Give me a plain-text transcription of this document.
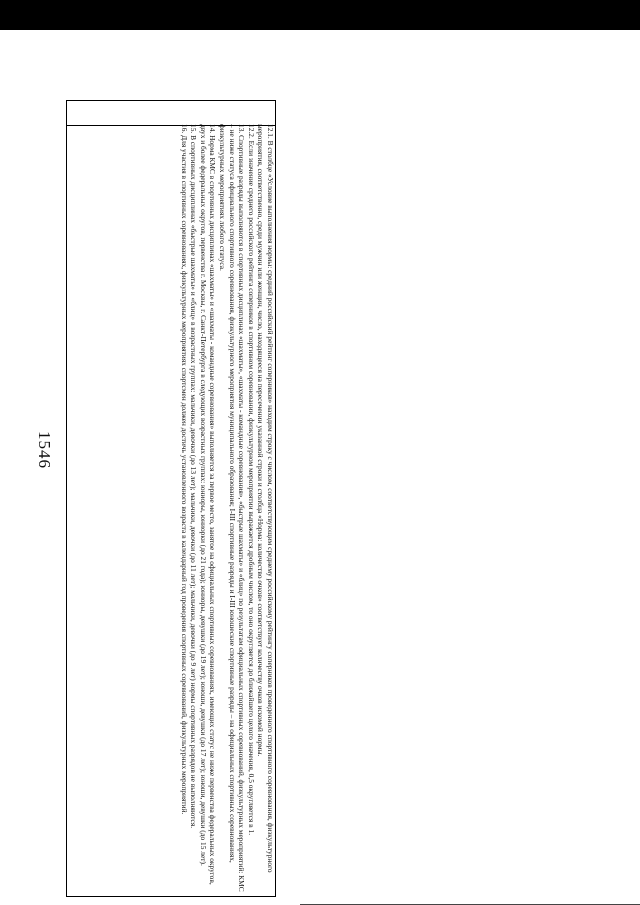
1546	12.1. В столбце «Условие выполнения нормы: средний российский рейтинг соперников» находим строку с числом, соответствующим среднему российскому рейтингу соперников проведенного спортивного соревнования, физкультурного мероприятия, соответственно, среди мужчин или женщин, число, находящееся на пересечении указанной строки и столбца «Норма: количество очков» соответствует количеству очков искомой нормы.

12.2. Если значение среднего российского рейтинга соперников в спортивном соревновании, физкультурном мероприятии выражается дробным числом, то оно округляется до ближайшего целого значения, 0,5 округляется в 1.

13. Спортивные разряды выполняются в спортивных дисциплинах «шахматы», «шахматы - командные соревнования», «быстрые шахматы» и «блиц» по результатам официальных спортивных соревнований, физкультурных мероприятий: КМС – не ниже статуса официального спортивного соревнования, физкультурного мероприятия муниципального образования; I-III спортивные разряды и I-III юношеские спортивные разряды – на официальных спортивных соревнованиях, физкультурных мероприятиях любого статуса.

14. Норма КМС в спортивных дисциплинах «шахматы» и «шахматы - командные соревнования» выполняется за первое место, занятое на официальных спортивных соревнованиях, имеющих статус не ниже первенства федеральных округов, двух и более федеральных округов, первенства г. Москвы, г. Санкт-Петербурга в следующих возрастных группах: юниоры, юниорки (до 21 года); юниоры, девушки (до 19 лет); юноши, девушки (до 17 лет); юноши, девушки (до 15 лет).

15. В спортивных дисциплинах «быстрые шахматы» и «блиц» в возрастных группах: мальчики, девочки (до 13 лет); мальчики, девочки (до 11 лет); мальчики, девочки (до 9 лет) нормы спортивных разрядов не выполняются.

16. Для участия в спортивных соревнованиях, физкультурных мероприятиях спортсмен должен достичь установленного возраста в календарный год проведения спортивных соревнований, физкультурных мероприятий.
